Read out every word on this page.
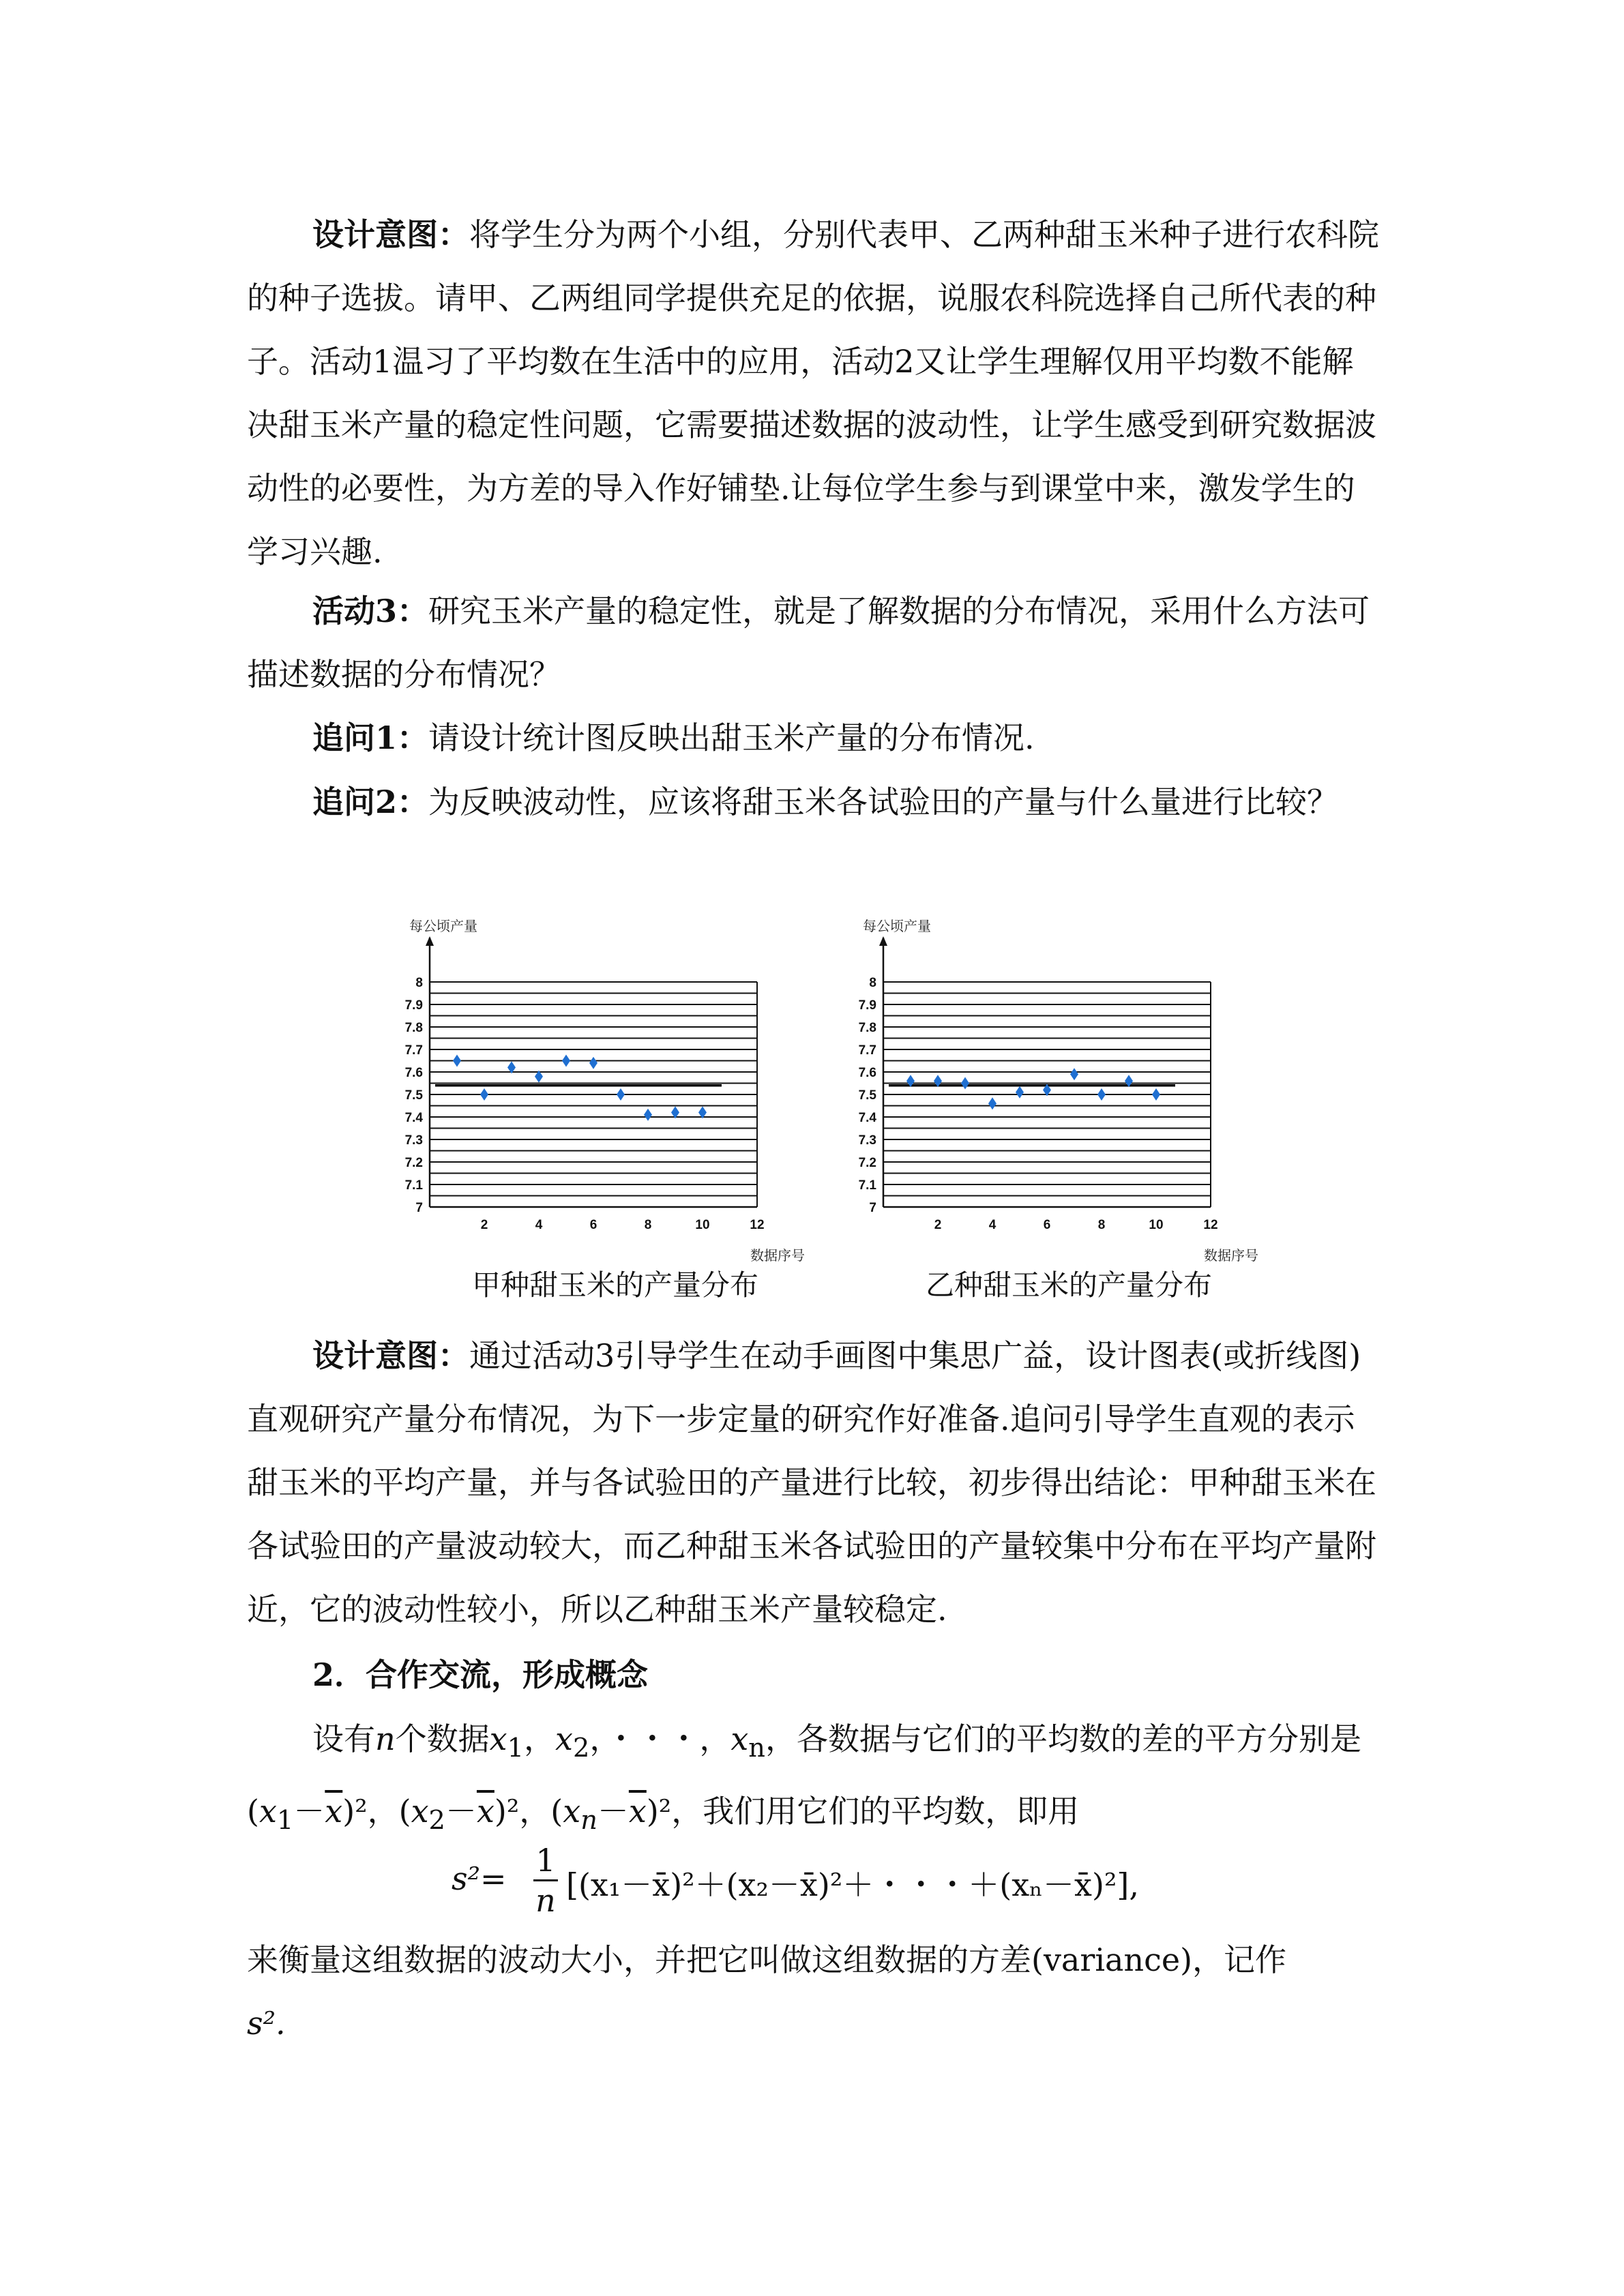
设计意图：将学生分为两个小组，分别代表甲、乙两种甜玉米种子进行农科院的种子选拔。请甲、乙两组同学提供充足的依据，说服农科院选择自己所代表的种子。活动1温习了平均数在生活中的应用，活动2又让学生理解仅用平均数不能解决甜玉米产量的稳定性问题，它需要描述数据的波动性，让学生感受到研究数据波动性的必要性，为方差的导入作好铺垫.让每位学生参与到课堂中来，激发学生的学习兴趣.

活动3：研究玉米产量的稳定性，就是了解数据的分布情况，采用什么方法可描述数据的分布情况？

追问1：请设计统计图反映出甜玉米产量的分布情况.

追问2：为反映波动性，应该将甜玉米各试验田的产量与什么量进行比较？

每公顷产量
7
7.1
7.2
7.3
7.4
7.5
7.6
7.7
7.8
7.9
8
2	4	6	8	10	12
数据序号
每公顷产量
7
7.1
7.2
7.3
7.4
7.5
7.6
7.7
7.8
7.9
8
2	4	6	8	10	12
数据序号
甲种甜玉米的产量分布	乙种甜玉米的产量分布

设计意图：通过活动3引导学生在动手画图中集思广益，设计图表(或折线图)直观研究产量分布情况，为下一步定量的研究作好准备.追问引导学生直观的表示甜玉米的平均产量，并与各试验田的产量进行比较，初步得出结论：甲种甜玉米在各试验田的产量波动较大，而乙种甜玉米各试验田的产量较集中分布在平均产量附近，它的波动性较小，所以乙种甜玉米产量较稳定.

2．合作交流，形成概念

设有n个数据$x_1$，$x_2$，・・・，$x_n$，各数据与它们的平均数的差的平方分别是$(x_1-\overline{x})^2$，$(x_2-\overline{x})^2$，$(x_n-\overline{x})^2$，我们用它们的平均数，即用

$s^2= \frac{1}{n}$ [(x₁－x̄)²＋(x₂－x̄)²＋・・・＋(xₙ－x̄)²],

来衡量这组数据的波动大小，并把它叫做这组数据的方差(variance)，记作
s².
